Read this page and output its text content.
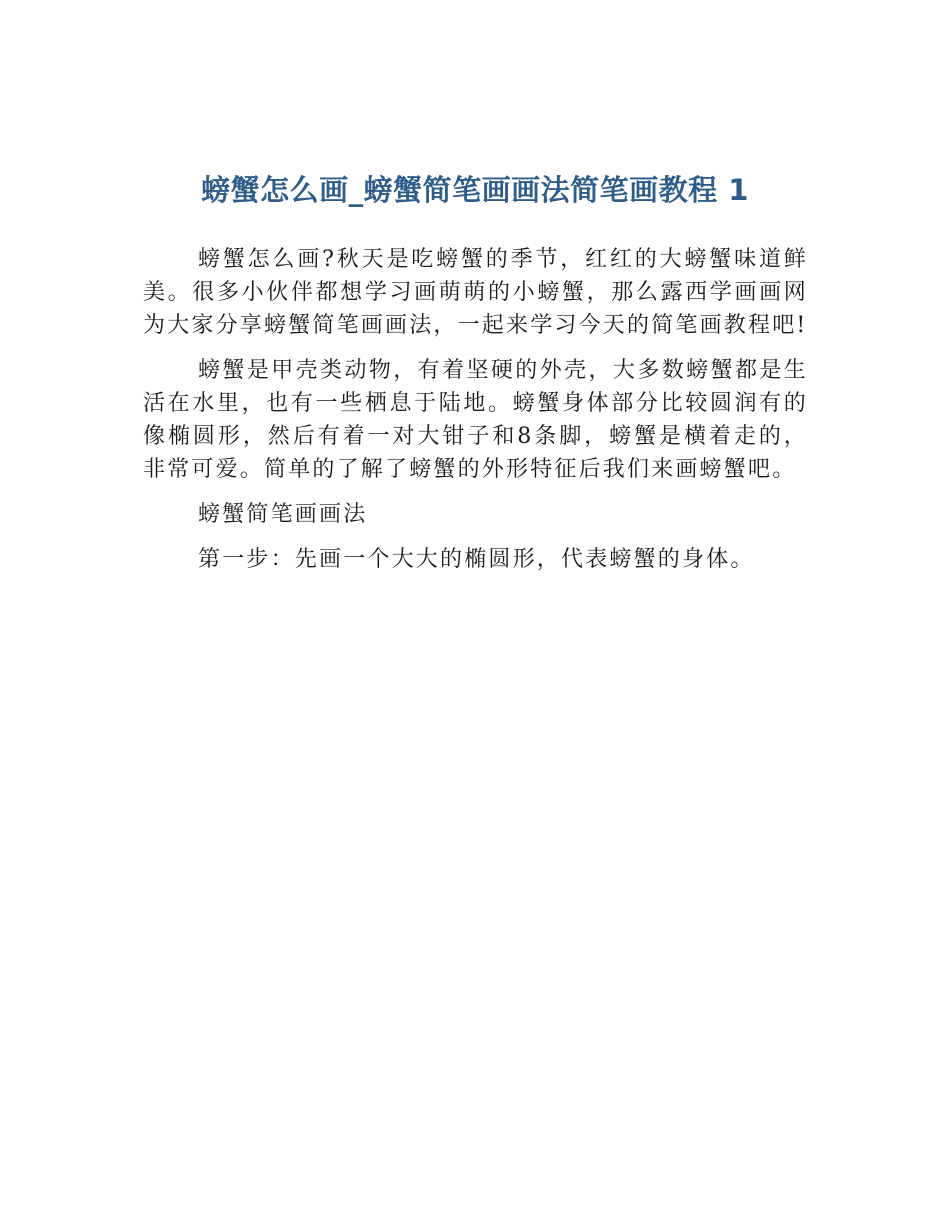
螃蟹怎么画_螃蟹简笔画画法简笔画教程 1

螃蟹怎么画?秋天是吃螃蟹的季节，红红的大螃蟹味道鲜美。很多小伙伴都想学习画萌萌的小螃蟹，那么露西学画画网为大家分享螃蟹简笔画画法，一起来学习今天的简笔画教程吧!

螃蟹是甲壳类动物，有着坚硬的外壳，大多数螃蟹都是生活在水里，也有一些栖息于陆地。螃蟹身体部分比较圆润有的像椭圆形，然后有着一对大钳子和8条脚，螃蟹是横着走的，非常可爱。简单的了解了螃蟹的外形特征后我们来画螃蟹吧。

螃蟹简笔画画法

第一步：先画一个大大的椭圆形，代表螃蟹的身体。
